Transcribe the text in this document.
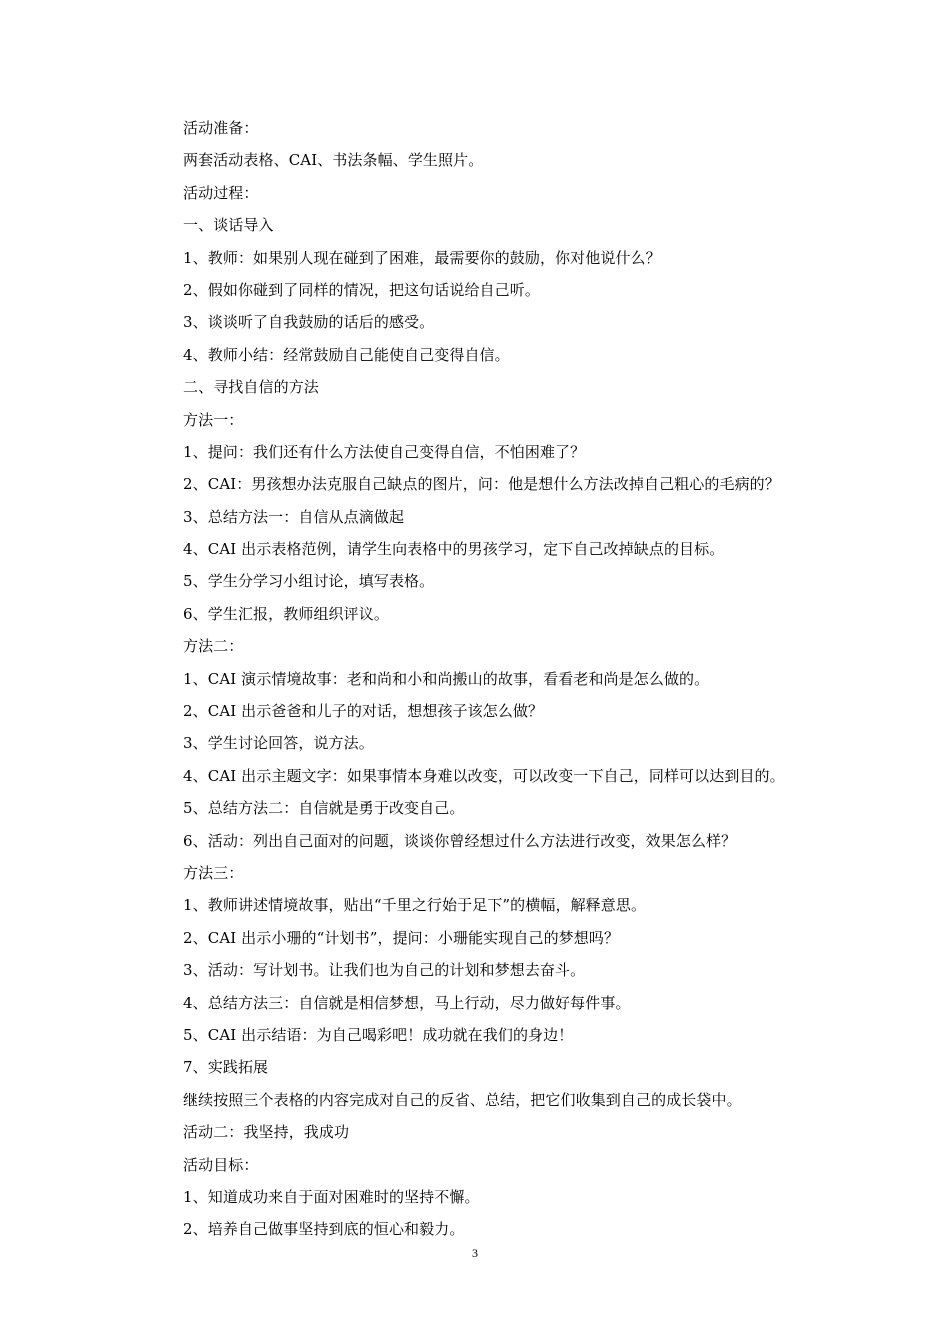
活动准备：
两套活动表格、CAI、书法条幅、学生照片。
活动过程：
一、谈话导入
1、教师：如果别人现在碰到了困难，最需要你的鼓励，你对他说什么？
2、假如你碰到了同样的情况，把这句话说给自己听。
3、谈谈听了自我鼓励的话后的感受。
4、教师小结：经常鼓励自己能使自己变得自信。
二、寻找自信的方法
方法一：
1、提问：我们还有什么方法使自己变得自信，不怕困难了？
2、CAI：男孩想办法克服自己缺点的图片，问：他是想什么方法改掉自己粗心的毛病的？
3、总结方法一：自信从点滴做起
4、CAI 出示表格范例，请学生向表格中的男孩学习，定下自己改掉缺点的目标。
5、学生分学习小组讨论，填写表格。
6、学生汇报，教师组织评议。
方法二：
1、CAI 演示情境故事：老和尚和小和尚搬山的故事，看看老和尚是怎么做的。
2、CAI 出示爸爸和儿子的对话，想想孩子该怎么做？
3、学生讨论回答，说方法。
4、CAI 出示主题文字：如果事情本身难以改变，可以改变一下自己，同样可以达到目的。
5、总结方法二：自信就是勇于改变自己。
6、活动：列出自己面对的问题，谈谈你曾经想过什么方法进行改变，效果怎么样？
方法三：
1、教师讲述情境故事，贴出“千里之行始于足下”的横幅，解释意思。
2、CAI 出示小珊的“计划书”，提问：小珊能实现自己的梦想吗？
3、活动：写计划书。让我们也为自己的计划和梦想去奋斗。
4、总结方法三：自信就是相信梦想，马上行动，尽力做好每件事。
5、CAI 出示结语：为自己喝彩吧！成功就在我们的身边！
7、实践拓展
继续按照三个表格的内容完成对自己的反省、总结，把它们收集到自己的成长袋中。
活动二：我坚持，我成功
活动目标：
1、知道成功来自于面对困难时的坚持不懈。
2、培养自己做事坚持到底的恒心和毅力。
3
